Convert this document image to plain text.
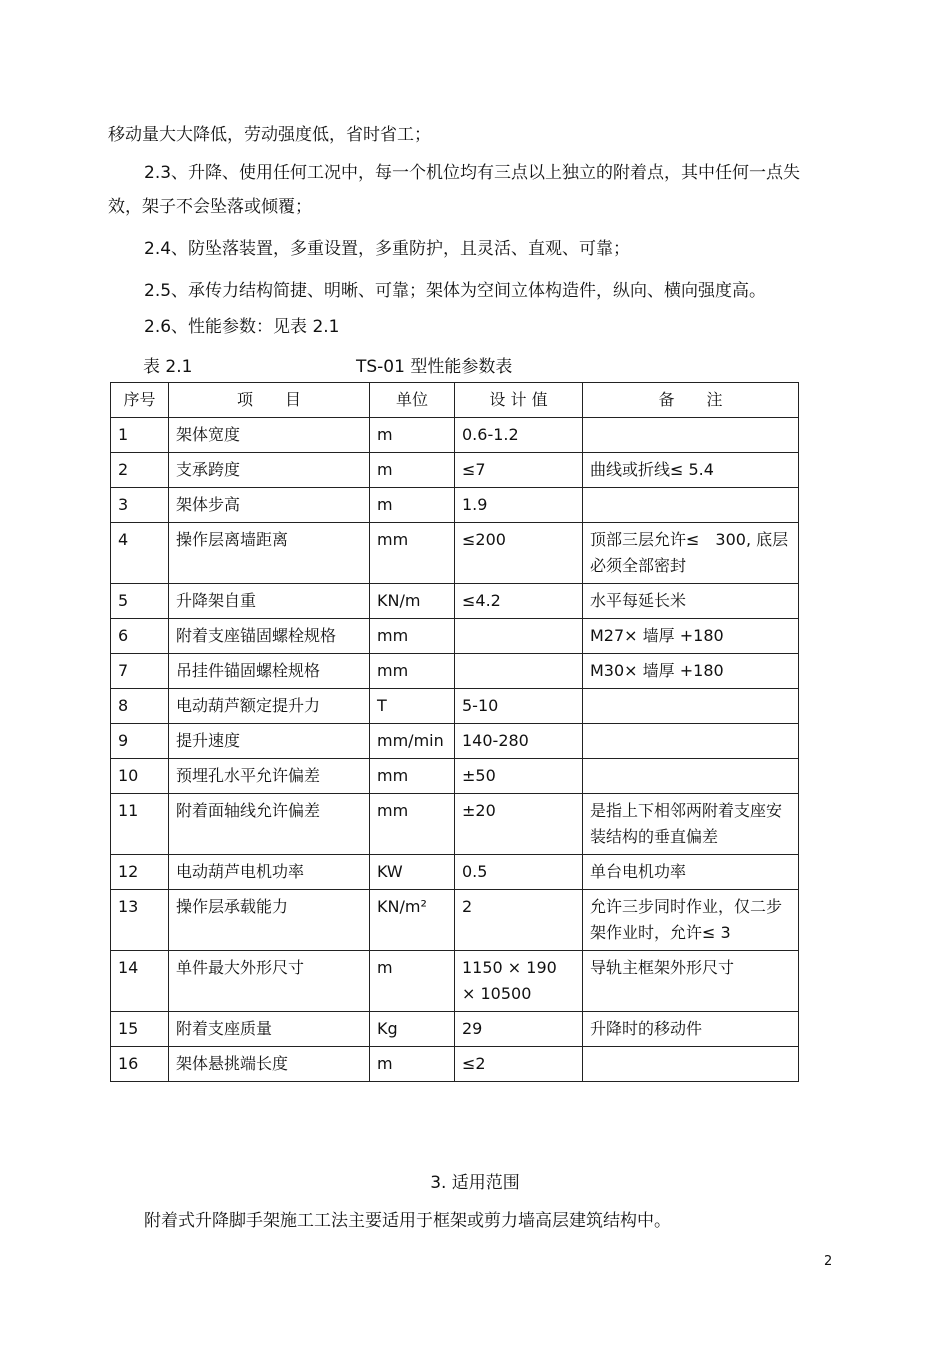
移动量大大降低，劳动强度低，省时省工；

2.3、升降、使用任何工况中，每一个机位均有三点以上独立的附着点，其中任何一点失效，架子不会坠落或倾覆；

2.4、防坠落装置，多重设置，多重防护，且灵活、直观、可靠；

2.5、承传力结构简捷、明晰、可靠；架体为空间立体构造件，纵向、横向强度高。

2.6、性能参数：见表 2.1

表 2.1	TS-01 型性能参数表
序号	项　　目	单位	设 计 值	备　　注
1	架体宽度	m	0.6-1.2	
2	支承跨度	m	≤7	曲线或折线≤ 5.4
3	架体步高	m	1.9	
4	操作层离墙距离	mm	≤200	顶部三层允许≤　300, 底层必须全部密封
5	升降架自重	KN/m	≤4.2	水平每延长米
6	附着支座锚固螺栓规格	mm		M27× 墙厚 +180
7	吊挂件锚固螺栓规格	mm		M30× 墙厚 +180
8	电动葫芦额定提升力	T	5-10	
9	提升速度	mm/min	140-280	
10	预埋孔水平允许偏差	mm	±50	
11	附着面轴线允许偏差	mm	±20	是指上下相邻两附着支座安装结构的垂直偏差
12	电动葫芦电机功率	KW	0.5	单台电机功率
13	操作层承载能力	KN/m²	2	允许三步同时作业，仅二步架作业时，允许≤ 3
14	单件最大外形尺寸	m	1150 × 190 × 10500	导轨主框架外形尺寸
15	附着支座质量	Kg	29	升降时的移动件
16	架体悬挑端长度	m	≤2	
3. 适用范围

附着式升降脚手架施工工法主要适用于框架或剪力墙高层建筑结构中。

2
